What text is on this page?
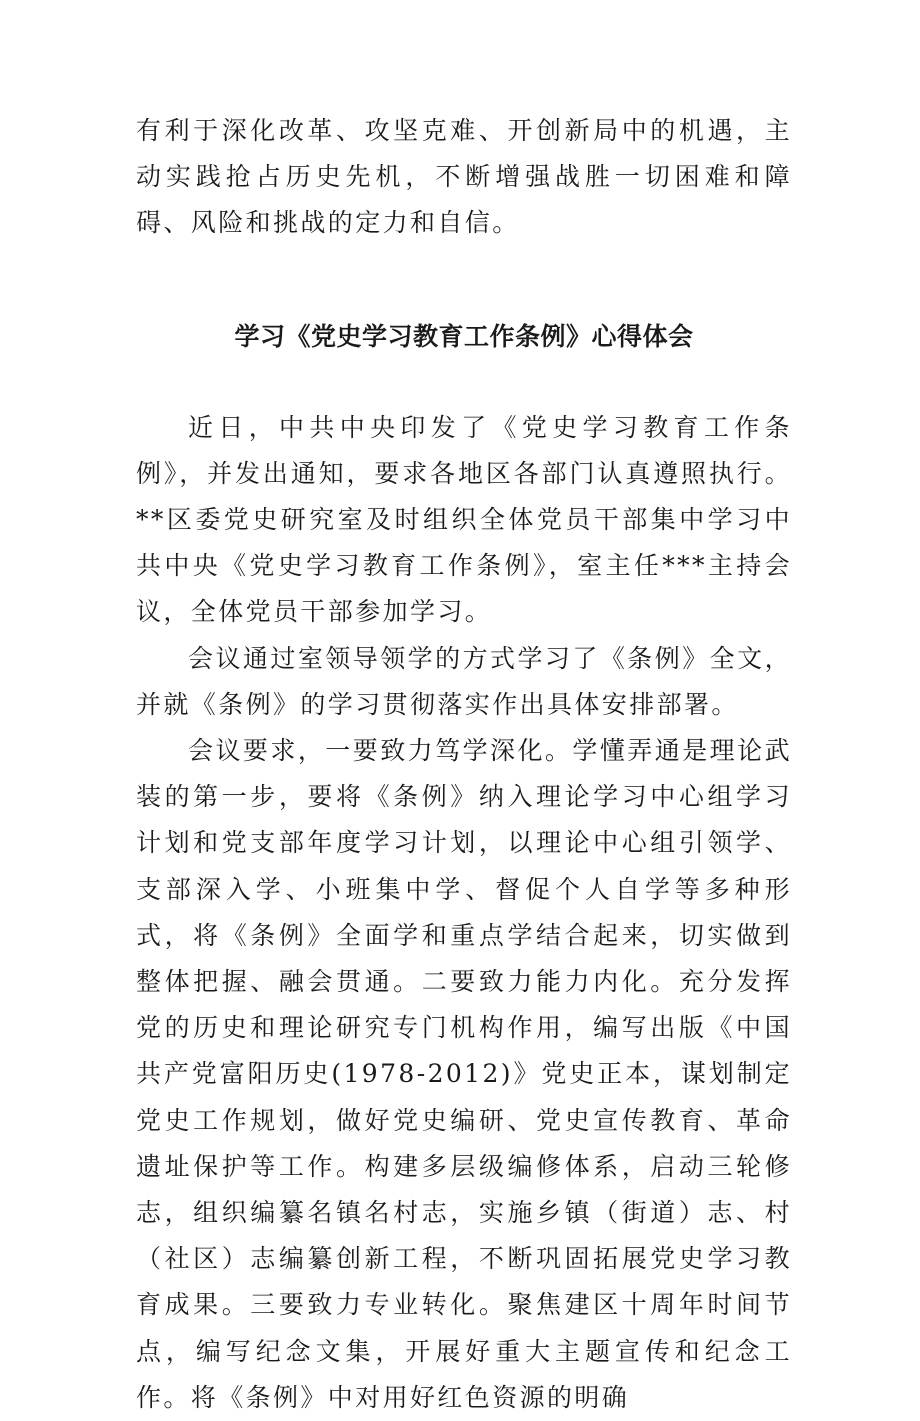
有利于深化改革、攻坚克难、开创新局中的机遇，主动实践抢占历史先机，不断增强战胜一切困难和障碍、风险和挑战的定力和自信。

学习《党史学习教育工作条例》心得体会

近日，中共中央印发了《党史学习教育工作条例》，并发出通知，要求各地区各部门认真遵照执行。**区委党史研究室及时组织全体党员干部集中学习中共中央《党史学习教育工作条例》，室主任***主持会议，全体党员干部参加学习。

会议通过室领导领学的方式学习了《条例》全文，并就《条例》的学习贯彻落实作出具体安排部署。

会议要求，一要致力笃学深化。学懂弄通是理论武装的第一步，要将《条例》纳入理论学习中心组学习计划和党支部年度学习计划，以理论中心组引领学、支部深入学、小班集中学、督促个人自学等多种形式，将《条例》全面学和重点学结合起来，切实做到整体把握、融会贯通。二要致力能力内化。充分发挥党的历史和理论研究专门机构作用，编写出版《中国共产党富阳历史(1978-2012)》党史正本，谋划制定党史工作规划，做好党史编研、党史宣传教育、革命遗址保护等工作。构建多层级编修体系，启动三轮修志，组织编纂名镇名村志，实施乡镇（街道）志、村（社区）志编纂创新工程，不断巩固拓展党史学习教育成果。三要致力专业转化。聚焦建区十周年时间节点，编写纪念文集，开展好重大主题宣传和纪念工作。将《条例》中对用好红色资源的明确
